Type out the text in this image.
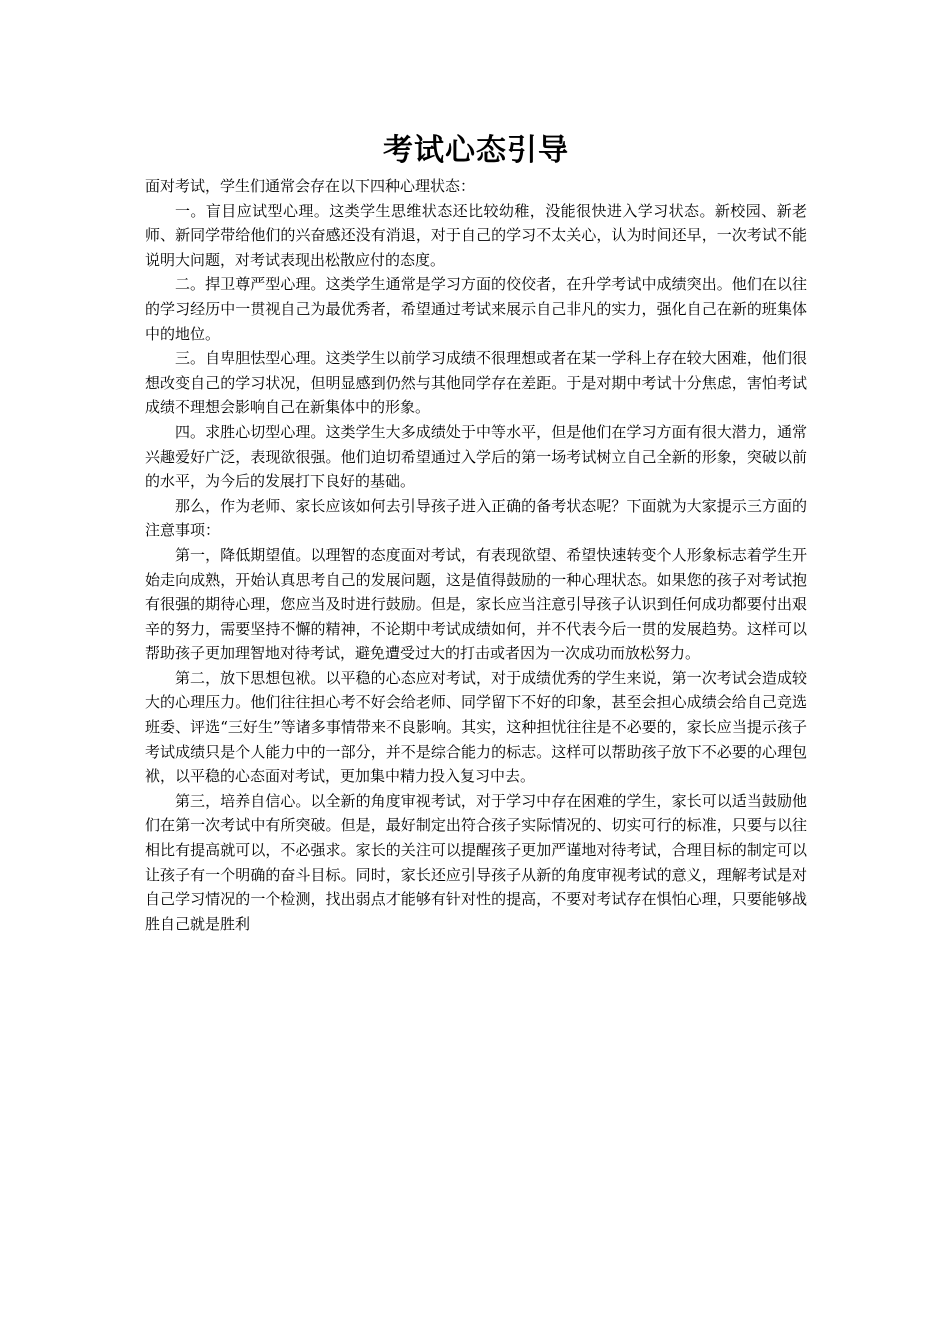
考试心态引导

面对考试，学生们通常会存在以下四种心理状态：

一。盲目应试型心理。这类学生思维状态还比较幼稚，没能很快进入学习状态。新校园、新老师、新同学带给他们的兴奋感还没有消退，对于自己的学习不太关心，认为时间还早，一次考试不能说明大问题，对考试表现出松散应付的态度。

二。捍卫尊严型心理。这类学生通常是学习方面的佼佼者，在升学考试中成绩突出。他们在以往的学习经历中一贯视自己为最优秀者，希望通过考试来展示自己非凡的实力，强化自己在新的班集体中的地位。

三。自卑胆怯型心理。这类学生以前学习成绩不很理想或者在某一学科上存在较大困难，他们很想改变自己的学习状况，但明显感到仍然与其他同学存在差距。于是对期中考试十分焦虑，害怕考试成绩不理想会影响自己在新集体中的形象。

四。求胜心切型心理。这类学生大多成绩处于中等水平，但是他们在学习方面有很大潜力，通常兴趣爱好广泛，表现欲很强。他们迫切希望通过入学后的第一场考试树立自己全新的形象，突破以前的水平，为今后的发展打下良好的基础。

那么，作为老师、家长应该如何去引导孩子进入正确的备考状态呢？下面就为大家提示三方面的注意事项：

第一，降低期望值。以理智的态度面对考试，有表现欲望、希望快速转变个人形象标志着学生开始走向成熟，开始认真思考自己的发展问题，这是值得鼓励的一种心理状态。如果您的孩子对考试抱有很强的期待心理，您应当及时进行鼓励。但是，家长应当注意引导孩子认识到任何成功都要付出艰辛的努力，需要坚持不懈的精神，不论期中考试成绩如何，并不代表今后一贯的发展趋势。这样可以帮助孩子更加理智地对待考试，避免遭受过大的打击或者因为一次成功而放松努力。

第二，放下思想包袱。以平稳的心态应对考试，对于成绩优秀的学生来说，第一次考试会造成较大的心理压力。他们往往担心考不好会给老师、同学留下不好的印象，甚至会担心成绩会给自己竞选班委、评选“三好生”等诸多事情带来不良影响。其实，这种担忧往往是不必要的，家长应当提示孩子考试成绩只是个人能力中的一部分，并不是综合能力的标志。这样可以帮助孩子放下不必要的心理包袱，以平稳的心态面对考试，更加集中精力投入复习中去。

第三，培养自信心。以全新的角度审视考试，对于学习中存在困难的学生，家长可以适当鼓励他们在第一次考试中有所突破。但是，最好制定出符合孩子实际情况的、切实可行的标准，只要与以往相比有提高就可以，不必强求。家长的关注可以提醒孩子更加严谨地对待考试，合理目标的制定可以让孩子有一个明确的奋斗目标。同时，家长还应引导孩子从新的角度审视考试的意义，理解考试是对自己学习情况的一个检测，找出弱点才能够有针对性的提高，不要对考试存在惧怕心理，只要能够战胜自己就是胜利
